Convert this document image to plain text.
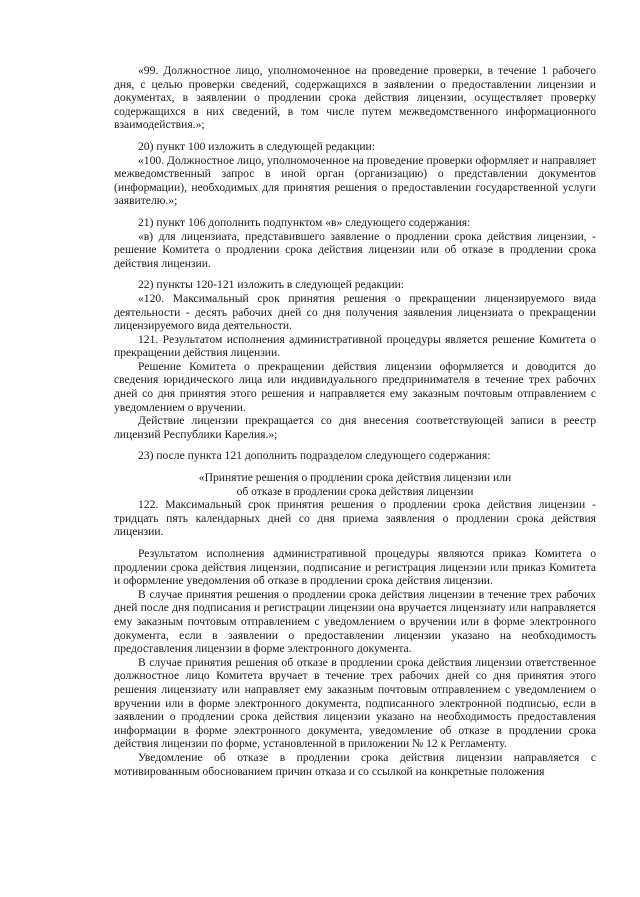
«99. Должностное лицо, уполномоченное на проведение проверки, в течение 1 рабочего дня, с целью проверки сведений, содержащихся в заявлении о предоставлении лицензии и документах, в заявлении о продлении срока действия лицензии, осуществляет проверку содержащихся в них сведений, в том числе путем межведомственного информационного взаимодействия.»;

20) пункт 100 изложить в следующей редакции:

«100. Должностное лицо, уполномоченное на проведение проверки оформляет и направляет межведомственный запрос в иной орган (организацию) о представлении документов (информации), необходимых для принятия решения о предоставлении государственной услуги заявителю.»;

21) пункт 106 дополнить подпунктом «в» следующего содержания:

«в) для лицензиата, представившего заявление о продлении срока действия лицензии, - решение Комитета о продлении срока действия лицензии или об отказе в продлении срока действия лицензии.

22) пункты 120-121 изложить в следующей редакции:

«120. Максимальный срок принятия решения о прекращении лицензируемого вида деятельности - десять рабочих дней со дня получения заявления лицензиата о прекращении лицензируемого вида деятельности.

121. Результатом исполнения административной процедуры является решение Комитета о прекращении действия лицензии.

Решение Комитета о прекращении действия лицензии оформляется и доводится до сведения юридического лица или индивидуального предпринимателя в течение трех рабочих дней со дня принятия этого решения и направляется ему заказным почтовым отправлением с уведомлением о вручении.

Действие лицензии прекращается со дня внесения соответствующей записи в реестр лицензий Республики Карелия.»;

23) после пункта 121 дополнить подразделом следующего содержания:

«Принятие решения о продлении срока действия лицензии или

об отказе в продлении срока действия лицензии

122. Максимальный срок принятия решения о продлении срока действия лицензии - тридцать пять календарных дней со дня приема заявления о продлении срока действия лицензии.

Результатом исполнения административной процедуры являются приказ Комитета о продлении срока действия лицензии, подписание и регистрация лицензии или приказ Комитета и оформление уведомления об отказе в продлении срока действия лицензии.

В случае принятия решения о продлении срока действия лицензии в течение трех рабочих дней после дня подписания и регистрации лицензии она вручается лицензиату или направляется ему заказным почтовым отправлением с уведомлением о вручении или в форме электронного документа, если в заявлении о предоставлении лицензии указано на необходимость предоставления лицензии в форме электронного документа.

В случае принятия решения об отказе в продлении срока действия лицензии ответственное должностное лицо Комитета вручает в течение трех рабочих дней со дня принятия этого решения лицензиату или направляет ему заказным почтовым отправлением с уведомлением о вручении или в форме электронного документа, подписанного электронной подписью, если в заявлении о продлении срока действия лицензии указано на необходимость предоставления информации в форме электронного документа, уведомление об отказе в продлении срока действия лицензии по форме, установленной в приложении № 12 к Регламенту.

Уведомление об отказе в продлении срока действия лицензии направляется с мотивированным обоснованием причин отказа и со ссылкой на конкретные положения
